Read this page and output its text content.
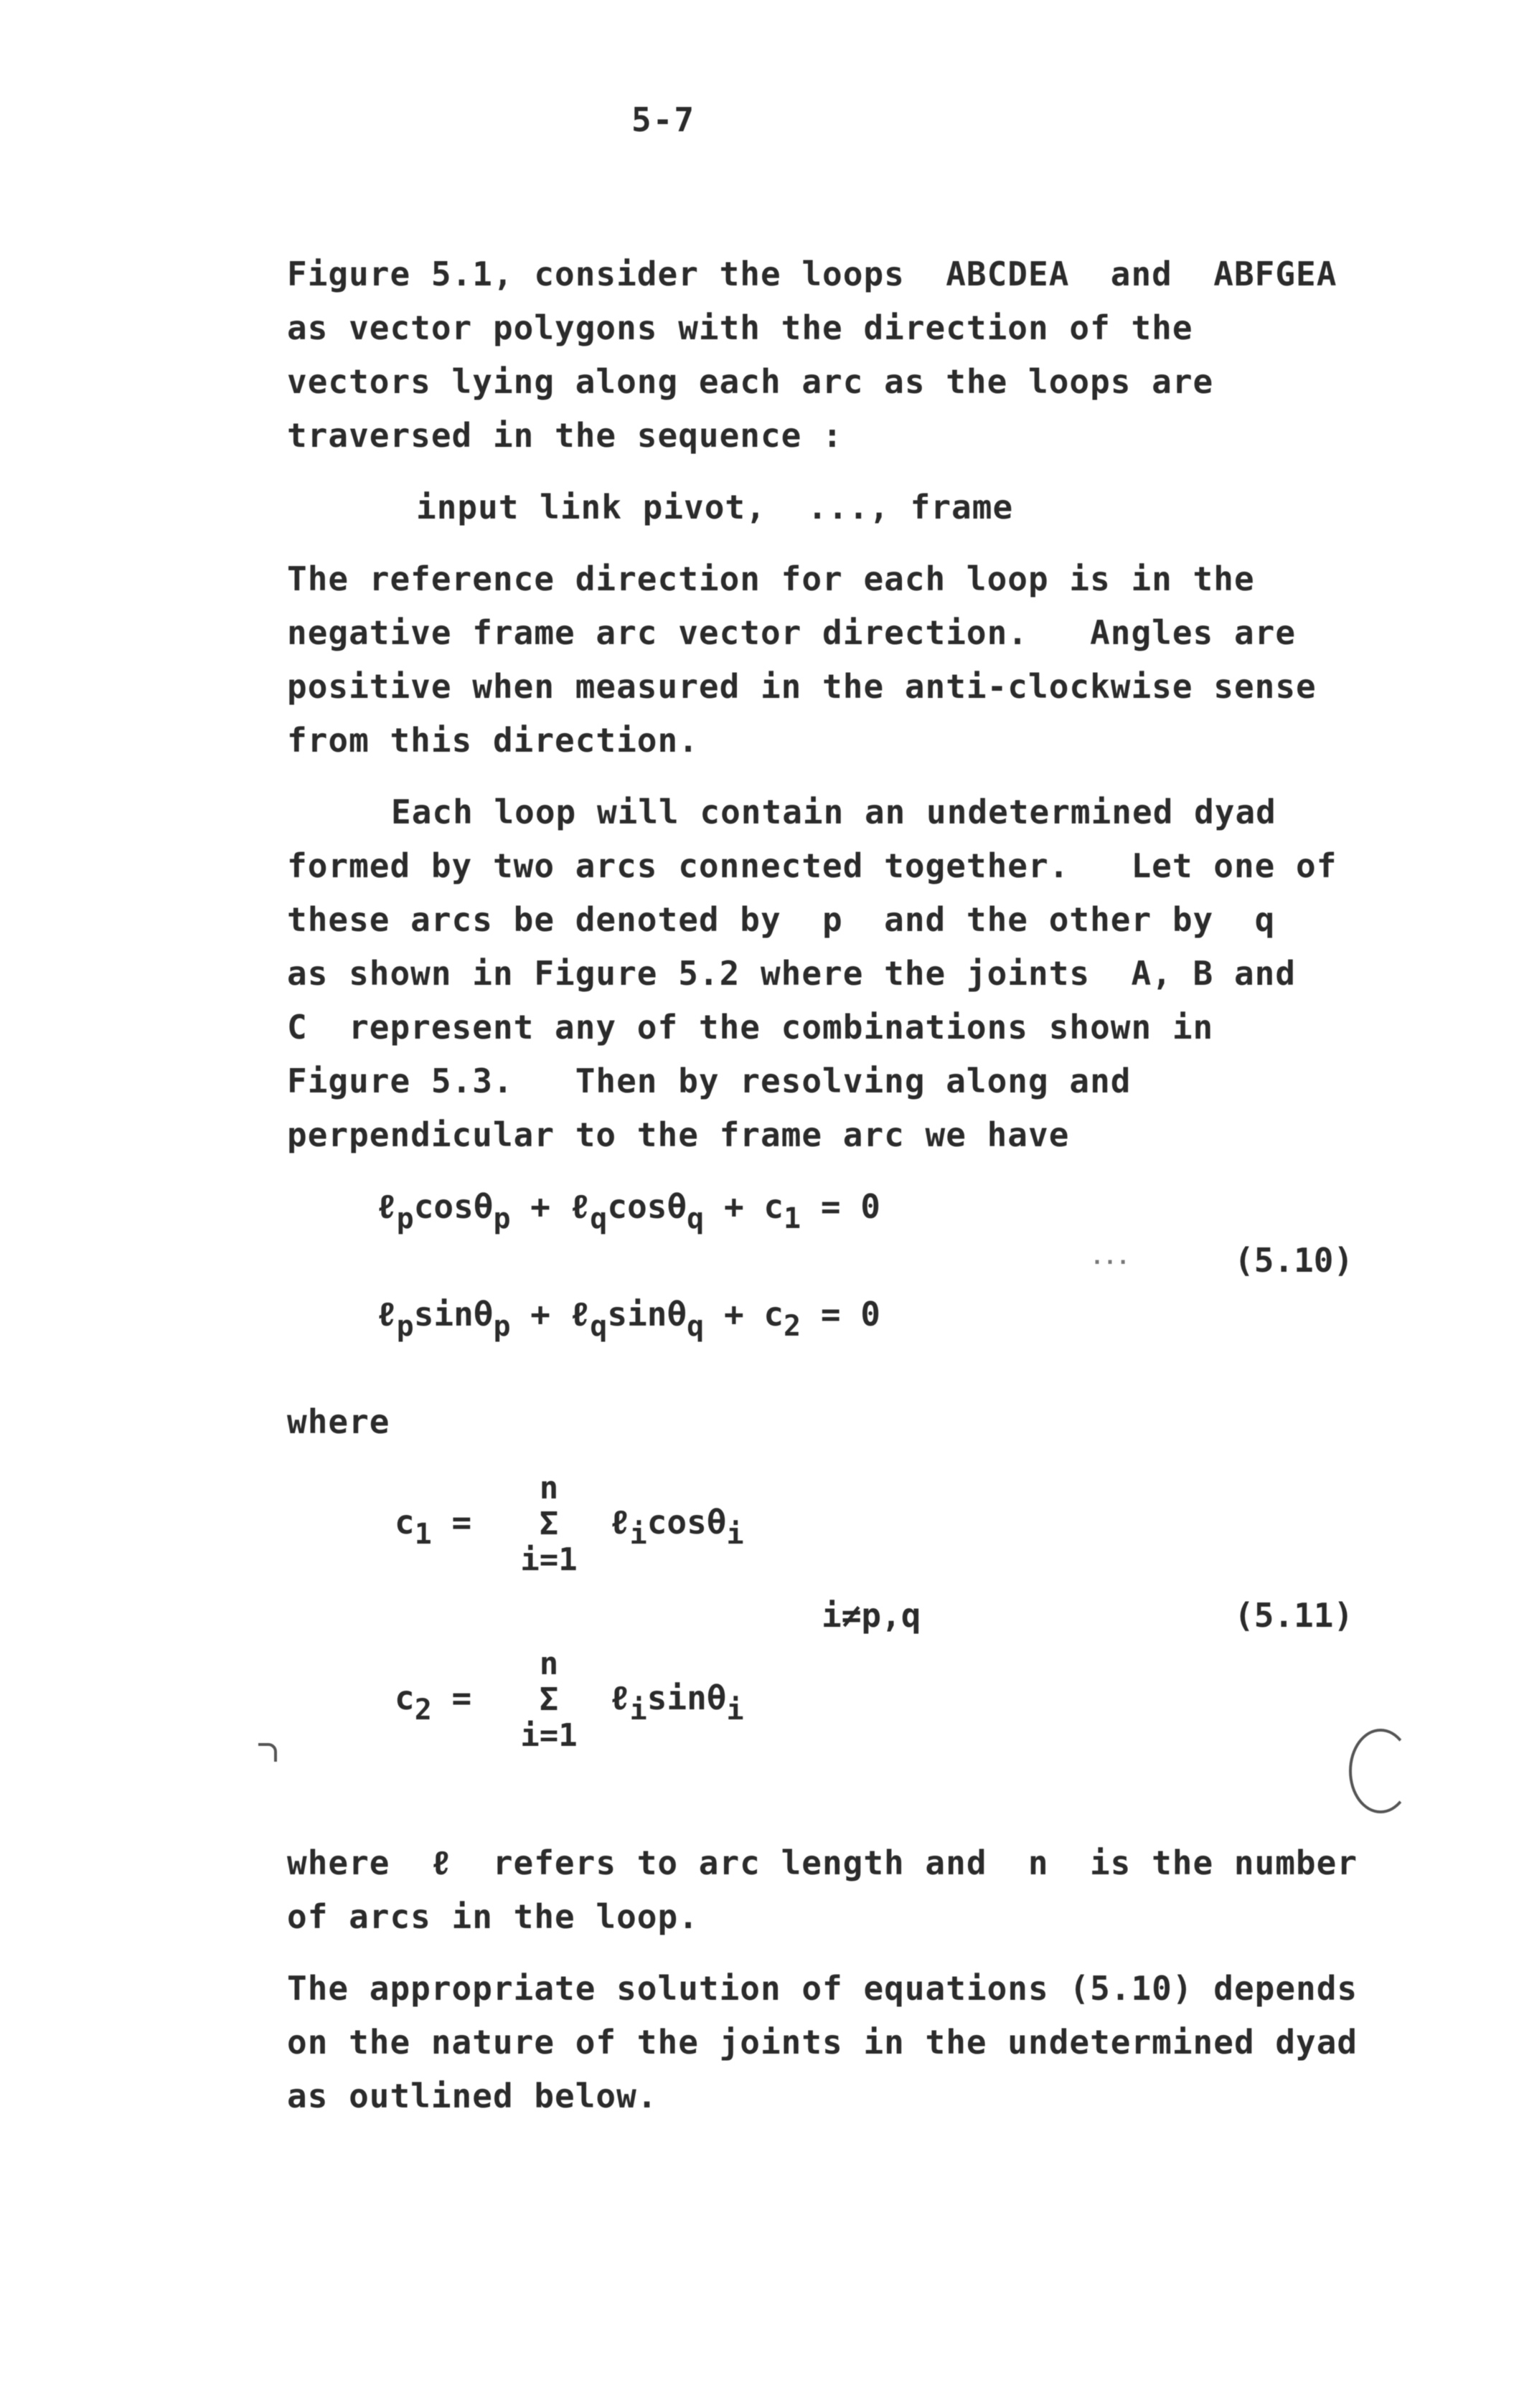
5-7
Figure 5.1, consider the loops  ABCDEA  and  ABFGEA
as vector polygons with the direction of the
vectors lying along each arc as the loops are
traversed in the sequence :
input link pivot,  ..., frame
The reference direction for each loop is in the
negative frame arc vector direction.   Angles are
positive when measured in the anti-clockwise sense
from this direction.
Each loop will contain an undetermined dyad
formed by two arcs connected together.   Let one of
these arcs be denoted by  p  and the other by  q
as shown in Figure 5.2 where the joints  A, B and
C  represent any of the combinations shown in
Figure 5.3.   Then by resolving along and
perpendicular to the frame arc we have
ℓ$_p$cosθ$_p$ + ℓ$_q$cosθ$_q$ + $c_1 = 0$
...	(5.10)
ℓ$_p$sinθ$_p$ + ℓ$_q$sinθ$_q$ + $c_2 = 0$
where
$c_1$ =
n
Σ
i=1
ℓ$_i$cosθ$_i$
i≠p,q	(5.11)
$c_2$ =
n
Σ
i=1
ℓ$_i$sinθ$_i$
where  ℓ  refers to arc length and  n  is the number
of arcs in the loop.
The appropriate solution of equations (5.10) depends
on the nature of the joints in the undetermined dyad
as outlined below.
